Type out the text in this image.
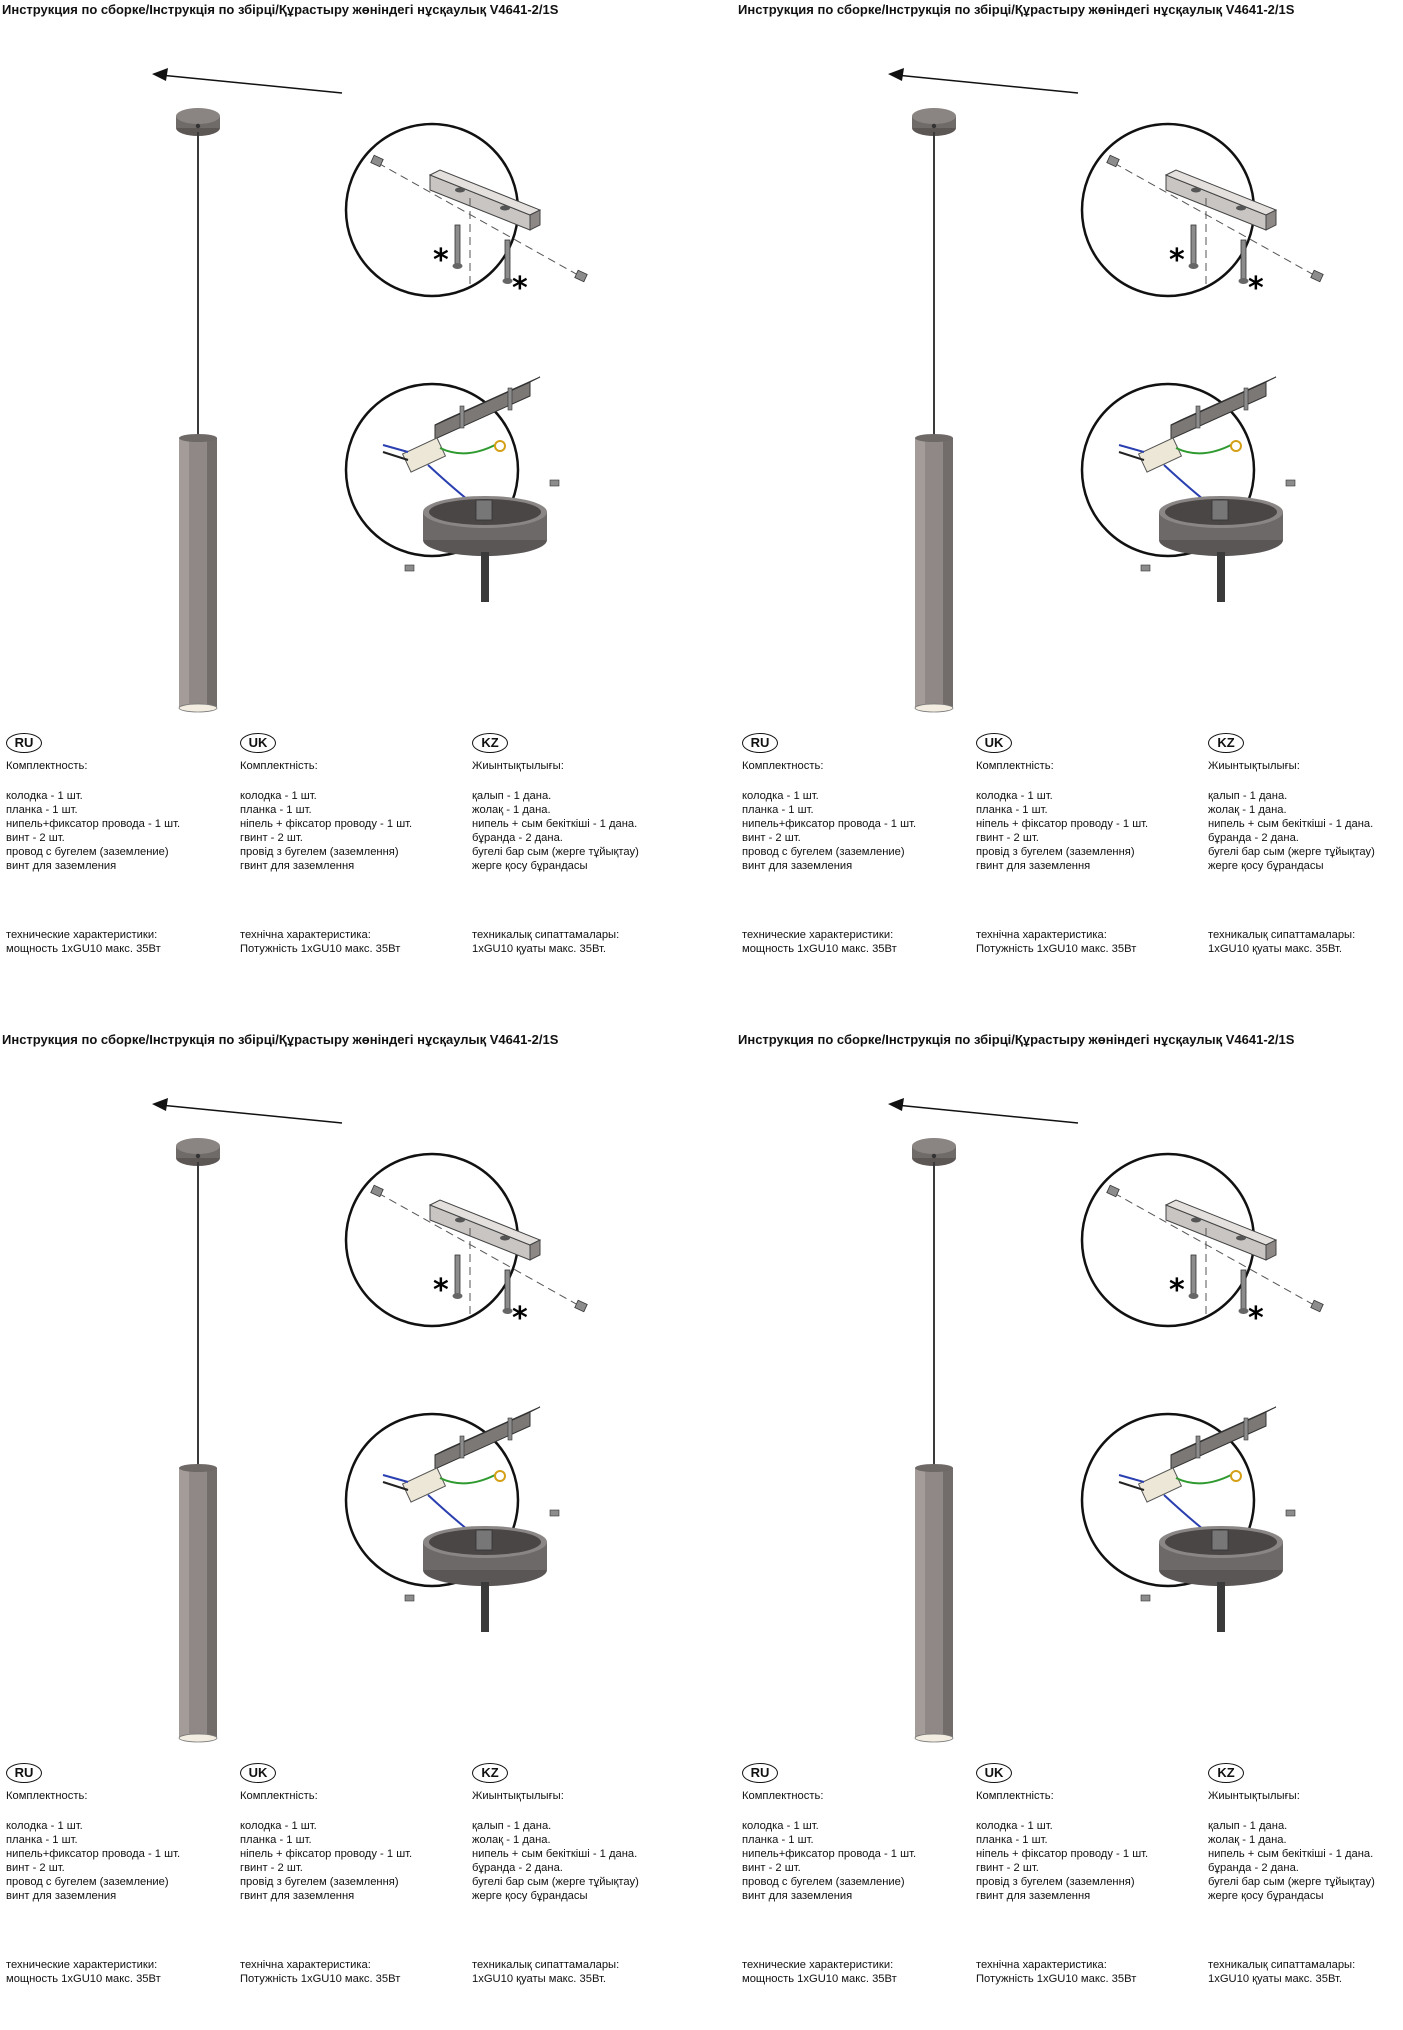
Инструкция по сборке/Інструкція по збірці/Құрастыру жөніндегі нұсқаулық V4641-2/1S
*
*
RU

Комплектность:
колодка - 1 шт.
планка - 1 шт.
нипель+фиксатор провода - 1 шт.
винт - 2 шт.
провод с бугелем (заземление)
винт для заземления
UK

Комплектність:
колодка - 1 шт.
планка - 1 шт.
нiпель + фiксатор проводу - 1 шт.
гвинт - 2 шт.
провiд з бугелем (заземлення)
гвинт для заземлення
KZ

Жиынтықтылығы:
қалып - 1 дана.
жолақ - 1 дана.
нипель + сым бекіткіші - 1 дана.
бұранда - 2 дана.
бугелі бар сым (жерге тұйықтау)
жерге қосу бұрандасы
технические характеристики:
мощность 1xGU10 макс. 35Вт
технiчна характеристика:
Потужнiсть 1xGU10 макс. 35Вт
техникалық сипаттамалары:
1xGU10 қуаты макс. 35Вт.
Инструкция по сборке/Інструкція по збірці/Құрастыру жөніндегі нұсқаулық V4641-2/1S
*
*
RU

Комплектность:
колодка - 1 шт.
планка - 1 шт.
нипель+фиксатор провода - 1 шт.
винт - 2 шт.
провод с бугелем (заземление)
винт для заземления
UK

Комплектність:
колодка - 1 шт.
планка - 1 шт.
нiпель + фiксатор проводу - 1 шт.
гвинт - 2 шт.
провiд з бугелем (заземлення)
гвинт для заземлення
KZ

Жиынтықтылығы:
қалып - 1 дана.
жолақ - 1 дана.
нипель + сым бекіткіші - 1 дана.
бұранда - 2 дана.
бугелі бар сым (жерге тұйықтау)
жерге қосу бұрандасы
технические характеристики:
мощность 1xGU10 макс. 35Вт
технiчна характеристика:
Потужнiсть 1xGU10 макс. 35Вт
техникалық сипаттамалары:
1xGU10 қуаты макс. 35Вт.
Инструкция по сборке/Інструкція по збірці/Құрастыру жөніндегі нұсқаулық V4641-2/1S
*
*
RU

Комплектность:
колодка - 1 шт.
планка - 1 шт.
нипель+фиксатор провода - 1 шт.
винт - 2 шт.
провод с бугелем (заземление)
винт для заземления
UK

Комплектність:
колодка - 1 шт.
планка - 1 шт.
нiпель + фiксатор проводу - 1 шт.
гвинт - 2 шт.
провiд з бугелем (заземлення)
гвинт для заземлення
KZ

Жиынтықтылығы:
қалып - 1 дана.
жолақ - 1 дана.
нипель + сым бекіткіші - 1 дана.
бұранда - 2 дана.
бугелі бар сым (жерге тұйықтау)
жерге қосу бұрандасы
технические характеристики:
мощность 1xGU10 макс. 35Вт
технiчна характеристика:
Потужнiсть 1xGU10 макс. 35Вт
техникалық сипаттамалары:
1xGU10 қуаты макс. 35Вт.
Инструкция по сборке/Інструкція по збірці/Құрастыру жөніндегі нұсқаулық V4641-2/1S
*
*
RU

Комплектность:
колодка - 1 шт.
планка - 1 шт.
нипель+фиксатор провода - 1 шт.
винт - 2 шт.
провод с бугелем (заземление)
винт для заземления
UK

Комплектність:
колодка - 1 шт.
планка - 1 шт.
нiпель + фiксатор проводу - 1 шт.
гвинт - 2 шт.
провiд з бугелем (заземлення)
гвинт для заземлення
KZ

Жиынтықтылығы:
қалып - 1 дана.
жолақ - 1 дана.
нипель + сым бекіткіші - 1 дана.
бұранда - 2 дана.
бугелі бар сым (жерге тұйықтау)
жерге қосу бұрандасы
технические характеристики:
мощность 1xGU10 макс. 35Вт
технiчна характеристика:
Потужнiсть 1xGU10 макс. 35Вт
техникалық сипаттамалары:
1xGU10 қуаты макс. 35Вт.
